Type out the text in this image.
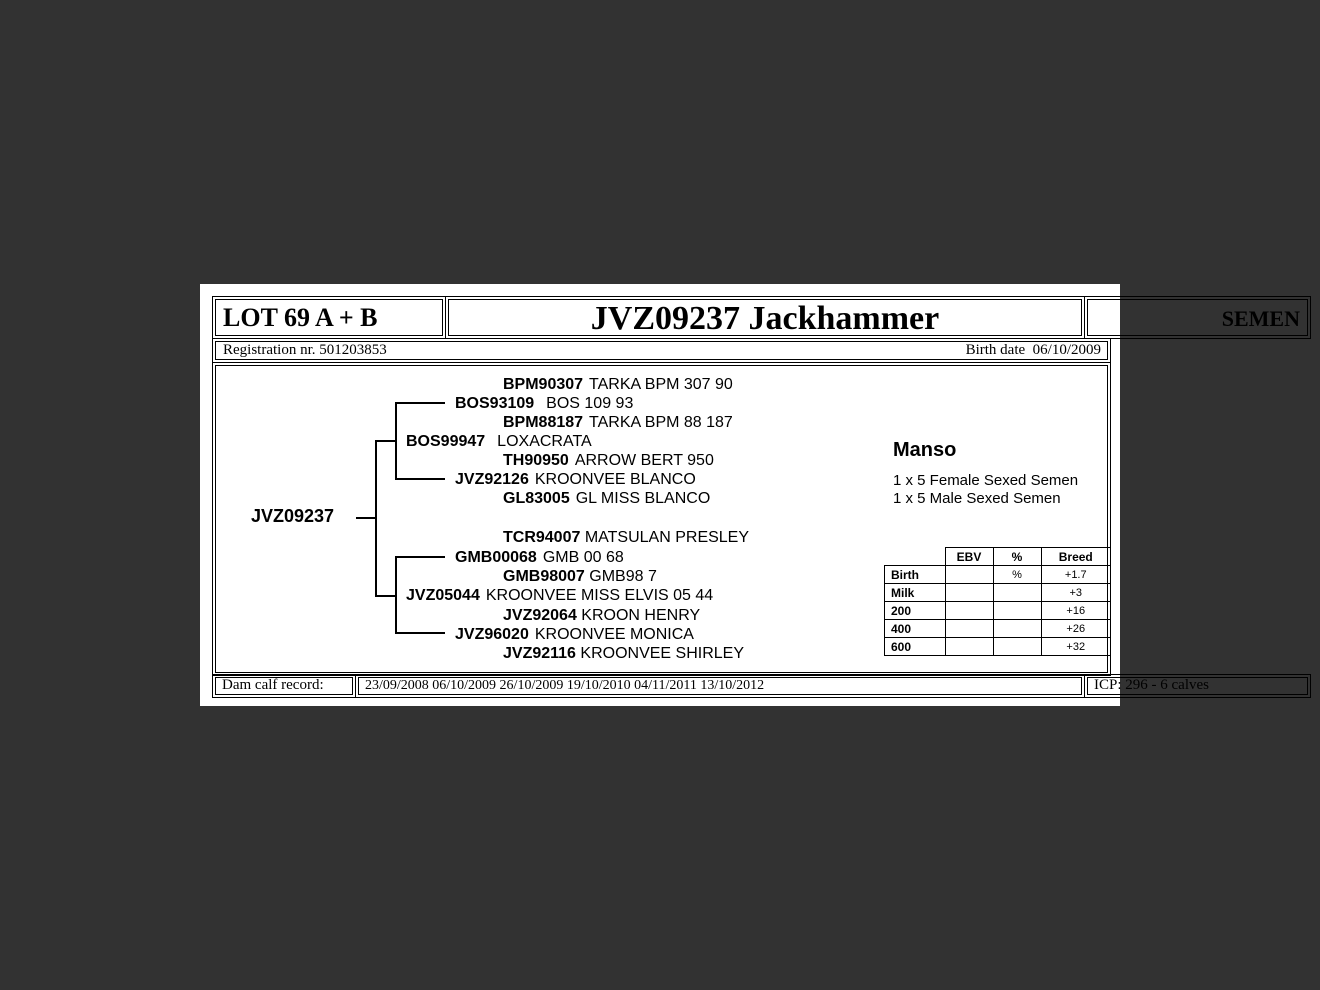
LOT 69 A + B	JVZ09237 Jackhammer	SEMEN
Registration nr. 501203853	Birth date 06/10/2009
JVZ09237
BPM90307 TARKA BPM 307 90
BOS93109 BOS 109 93
BPM88187 TARKA BPM 88 187
BOS99947 LOXACRATA
TH90950 ARROW BERT 950
JVZ92126 KROONVEE BLANCO
GL83005 GL MISS BLANCO
TCR94007 MATSULAN PRESLEY
GMB00068 GMB 00 68
GMB98007 GMB98 7
JVZ05044 KROONVEE MISS ELVIS 05 44
JVZ92064 KROON HENRY
JVZ96020 KROONVEE MONICA
JVZ92116 KROONVEE SHIRLEY
Manso
1 x 5 Female Sexed Semen
1 x 5 Male Sexed Semen
	EBV	%	Breed
Birth		%	+1.7
Milk			+3
200			+16
400			+26
600			+32
Dam calf record:	23/09/2008 06/10/2009 26/10/2009 19/10/2010 04/11/2011 13/10/2012	ICP: 296 - 6 calves
